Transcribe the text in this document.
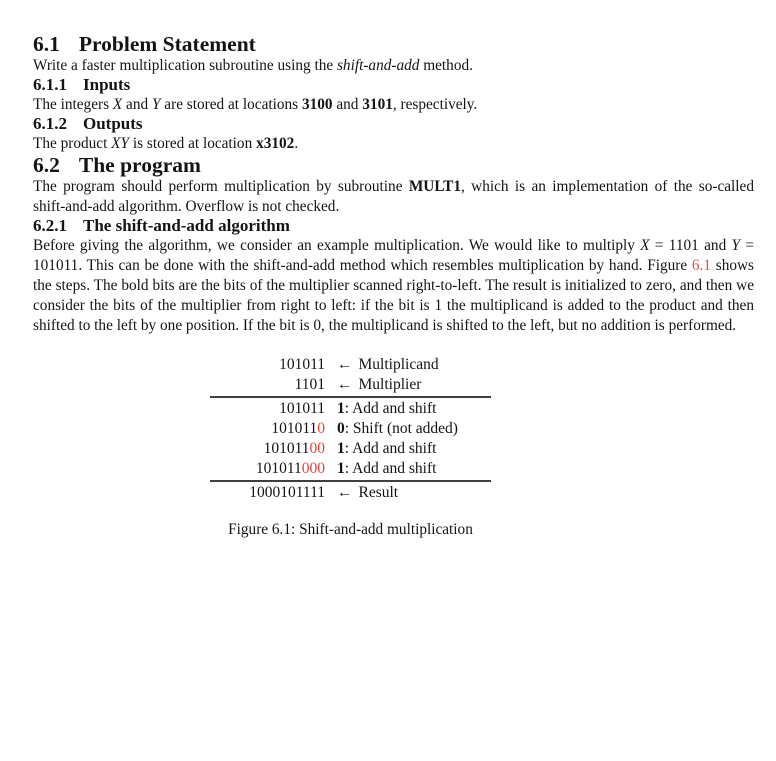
6.1 Problem Statement

Write a faster multiplication subroutine using the shift-and-add method.

6.1.1 Inputs

The integers X and Y are stored at locations 3100 and 3101, respectively.

6.1.2 Outputs

The product XY is stored at location x3102.

6.2 The program

The program should perform multiplication by subroutine MULT1, which is an implementation of the so-called shift-and-add algorithm. Overflow is not checked.

6.2.1 The shift-and-add algorithm

Before giving the algorithm, we consider an example multiplication. We would like to multiply X = 1101 and Y = 101011. This can be done with the shift-and-add method which resembles multiplication by hand. Figure 6.1 shows the steps. The bold bits are the bits of the multiplier scanned right-to-left. The result is initialized to zero, and then we consider the bits of the multiplier from right to left: if the bit is 1 the multiplicand is added to the product and then shifted to the left by one position. If the bit is 0, the multiplicand is shifted to the left, but no addition is performed.

101011 ← Multiplicand
1101 ← Multiplier
101011 1: Add and shift
1010110 0: Shift (not added)
10101100 1: Add and shift
101011000 1: Add and shift
1000101111 ← Result
Figure 6.1: Shift-and-add multiplication
